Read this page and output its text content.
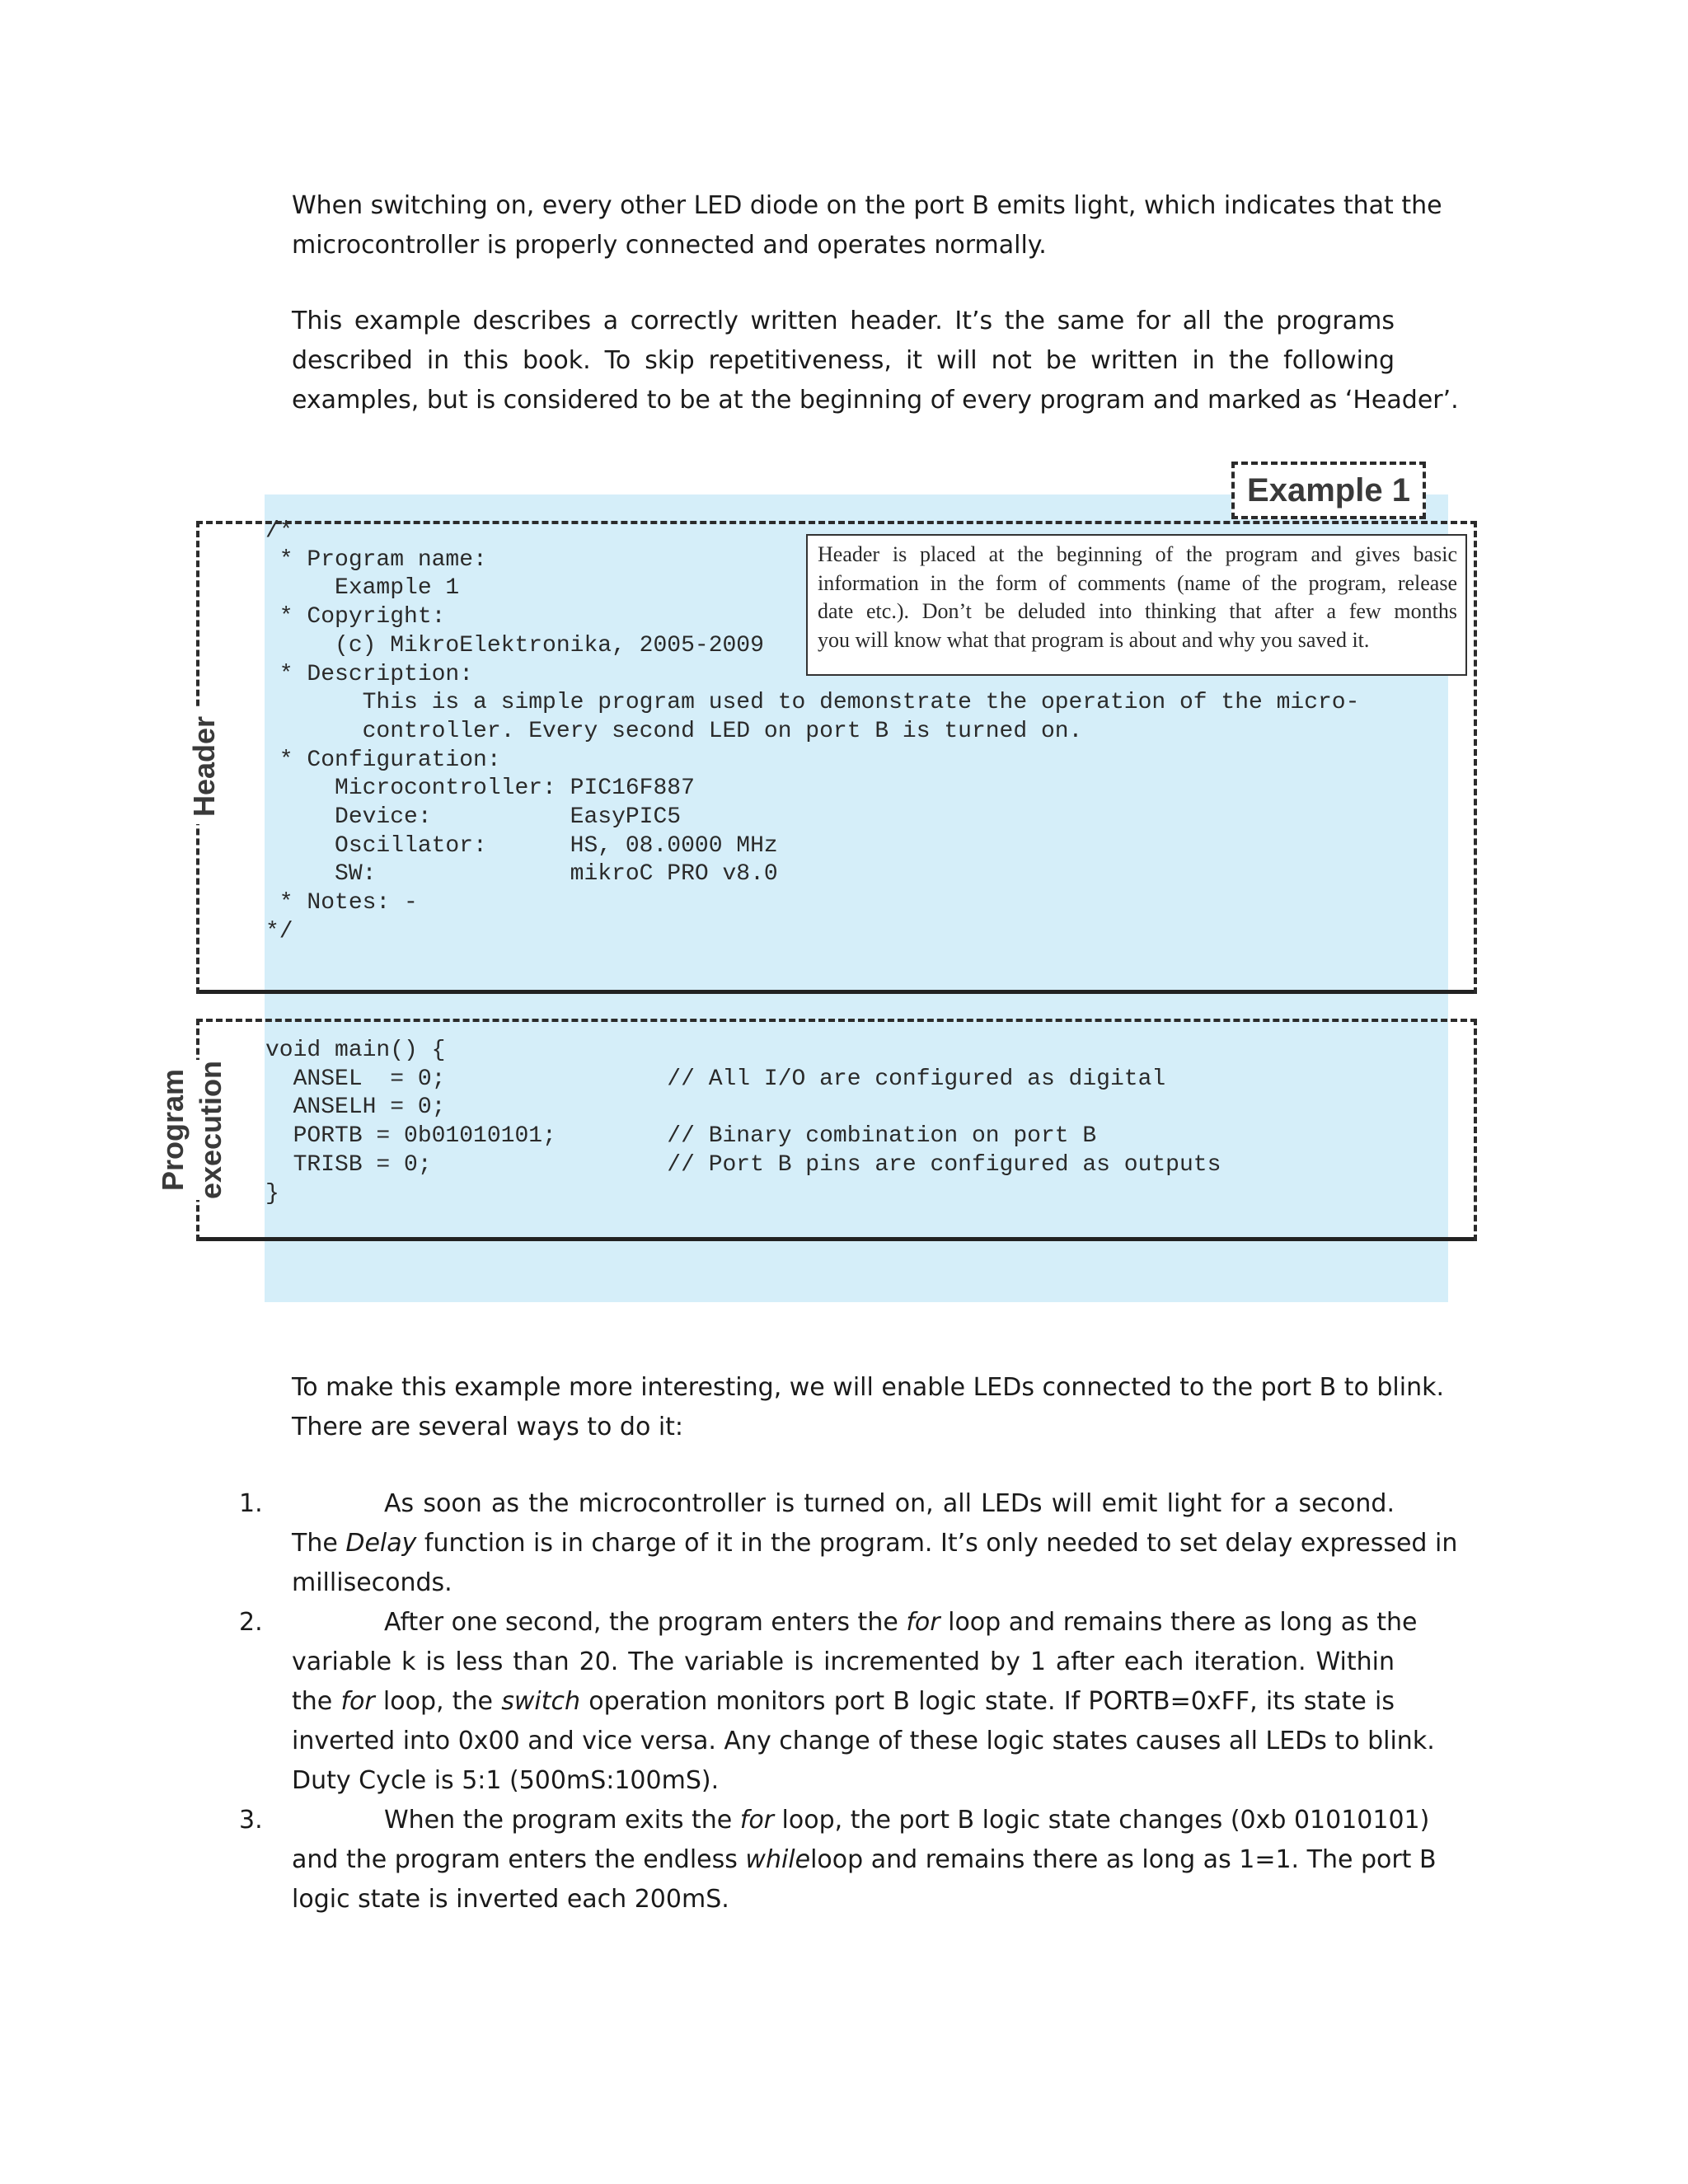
When switching on, every other LED diode on the port B emits light, which indicates that the
microcontroller is properly connected and operates normally.
This example describes a correctly written header. It’s the same for all the programs
described in this book. To skip repetitiveness, it will not be written in the following
examples, but is considered to be at the beginning of every program and marked as ‘Header’.
Example 1
Header
Program execution
/*
* Program name:
Example 1
* Copyright:
(c) MikroElektronika, 2005-2009
* Description:
This is a simple program used to demonstrate the operation of the micro-
controller. Every second LED on port B is turned on.
* Configuration:
Microcontroller: PIC16F887
Device:          EasyPIC5
Oscillator:      HS, 08.0000 MHz
SW:              mikroC PRO v8.0
* Notes: -
*/
Header is placed at the beginning of the program and gives basic
information in the form of comments (name of the program, release
date etc.). Don’t be deluded into thinking that after a few months
you will know what that program is about and why you saved it.
void main() {
ANSEL  = 0;                // All I/O are configured as digital
ANSELH = 0;
PORTB = 0b01010101;        // Binary combination on port B
TRISB = 0;                 // Port B pins are configured as outputs
}
To make this example more interesting, we will enable LEDs connected to the port B to blink.
There are several ways to do it:
1.	As soon as the microcontroller is turned on, all LEDs will emit light for a second.
The Delay function is in charge of it in the program. It’s only needed to set delay expressed in
milliseconds.
2.	After one second, the program enters the for loop and remains there as long as the
variable k is less than 20. The variable is incremented by 1 after each iteration. Within
the for loop, the switch operation monitors port B logic state. If PORTB=0xFF, its state is
inverted into 0x00 and vice versa. Any change of these logic states causes all LEDs to blink.
Duty Cycle is 5:1 (500mS:100mS).
3.	When the program exits the for loop, the port B logic state changes (0xb 01010101)
and the program enters the endless whileloop and remains there as long as 1=1. The port B
logic state is inverted each 200mS.
